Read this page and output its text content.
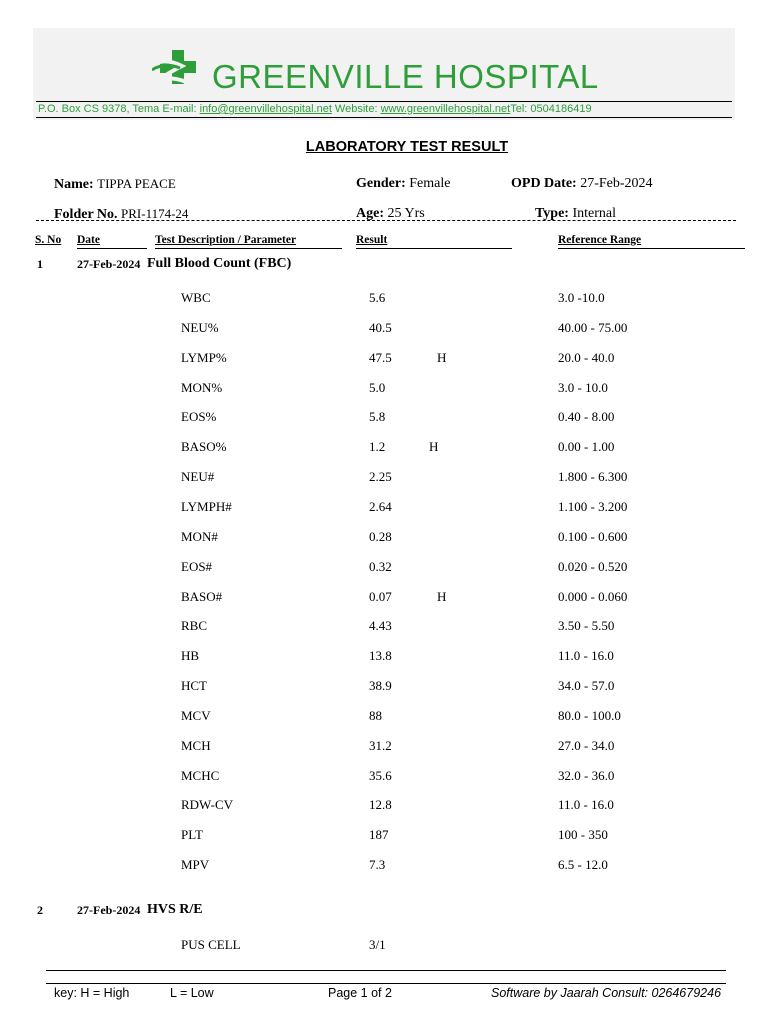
GREENVILLE HOSPITAL
P.O. Box CS 9378, Tema E-mail: info@greenvillehospital.net Website: www.greenvillehospital.netTel: 0504186419
LABORATORY TEST RESULT
Name: TIPPA PEACE	Gender: Female	OPD Date: 27-Feb-2024
Folder No. PRI-1174-24	Age: 25 Yrs	Type: Internal
S. No Date	Test Description / Parameter	Result	Reference Range
1	27-Feb-2024 Full Blood Count (FBC)
WBC	5.6	3.0 -10.0
NEU%	40.5	40.00 - 75.00
LYMP%	47.5	H	20.0 - 40.0
MON%	5.0	3.0 - 10.0
EOS%	5.8	0.40 - 8.00
BASO%	1.2	H	0.00 - 1.00
NEU#	2.25	1.800 - 6.300
LYMPH#	2.64	1.100 - 3.200
MON#	0.28	0.100 - 0.600
EOS#	0.32	0.020 - 0.520
BASO#	0.07	H	0.000 - 0.060
RBC	4.43	3.50 - 5.50
HB	13.8	11.0 - 16.0
HCT	38.9	34.0 - 57.0
MCV	88	80.0 - 100.0
MCH	31.2	27.0 - 34.0
MCHC	35.6	32.0 - 36.0
RDW-CV	12.8	11.0 - 16.0
PLT	187	100 - 350
MPV	7.3	6.5 - 12.0
2	27-Feb-2024 HVS R/E
PUS CELL	3/1
key: H = High	L = Low	Page 1 of 2	Software by Jaarah Consult: 0264679246
